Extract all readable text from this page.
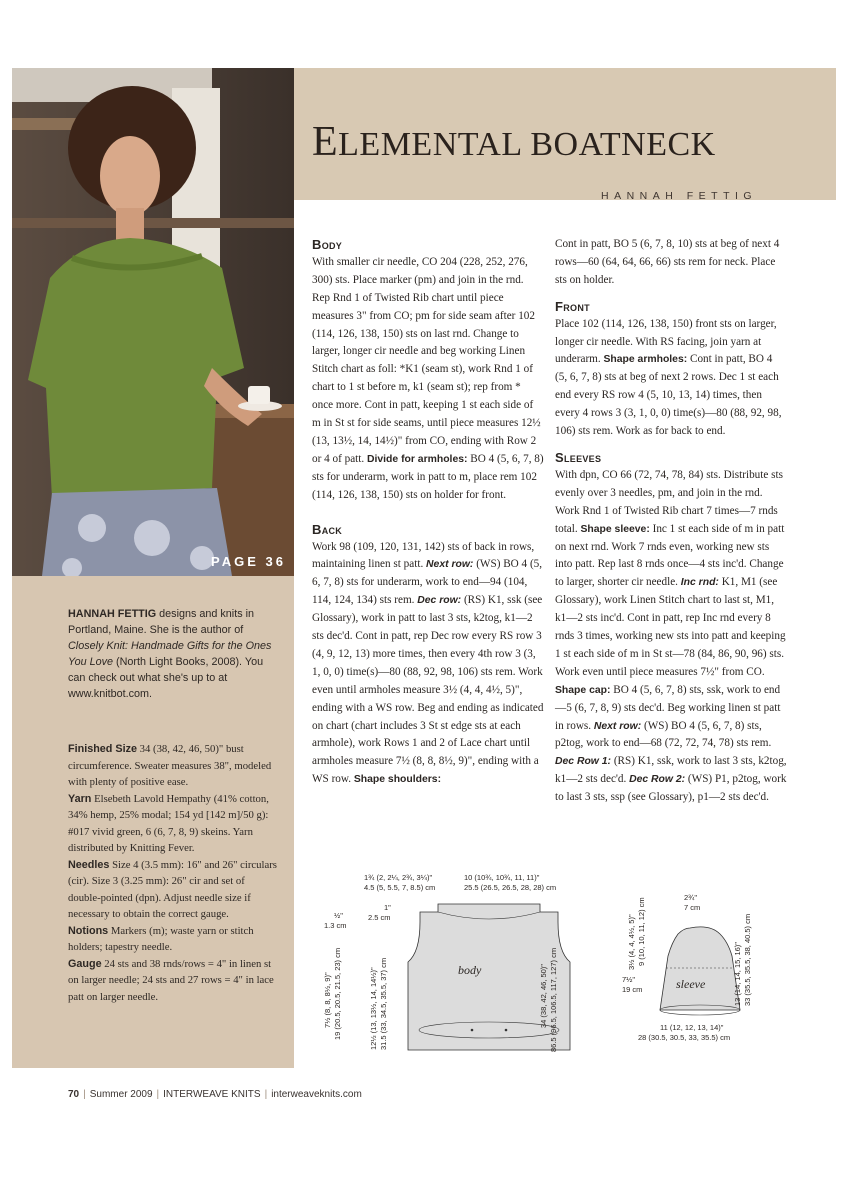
PAGE 36
ELEMENTAL BOATNECK
HANNAH FETTIG
HANNAH FETTIG designs and knits in Portland, Maine. She is the author of Closely Knit: Handmade Gifts for the Ones You Love (North Light Books, 2008). You can check out what she's up to at www.knitbot.com.
Finished Size 34 (38, 42, 46, 50)" bust circumference. Sweater measures 38", modeled with plenty of positive ease.
Yarn Elsebeth Lavold Hempathy (41% cotton, 34% hemp, 25% modal; 154 yd [142 m]/50 g): #017 vivid green, 6 (6, 7, 8, 9) skeins. Yarn distributed by Knitting Fever.
Needles Size 4 (3.5 mm): 16" and 26" circulars (cir). Size 3 (3.25 mm): 26" cir and set of double-pointed (dpn). Adjust needle size if necessary to obtain the correct gauge.
Notions Markers (m); waste yarn or stitch holders; tapestry needle.
Gauge 24 sts and 38 rnds/rows = 4" in linen st on larger needle; 24 sts and 27 rows = 4" in lace patt on larger needle.
Body
With smaller cir needle, CO 204 (228, 252, 276, 300) sts. Place marker (pm) and join in the rnd. Rep Rnd 1 of Twisted Rib chart until piece measures 3" from CO; pm for side seam after 102 (114, 126, 138, 150) sts on last rnd. Change to larger, longer cir needle and beg working Linen Stitch chart as foll: *K1 (seam st), work Rnd 1 of chart to 1 st before m, k1 (seam st); rep from * once more. Cont in patt, keeping 1 st each side of m in St st for side seams, until piece measures 12½ (13, 13½, 14, 14½)" from CO, ending with Row 2 or 4 of patt. Divide for armholes: BO 4 (5, 6, 7, 8) sts for underarm, work in patt to m, place rem 102 (114, 126, 138, 150) sts on holder for front.
Back
Work 98 (109, 120, 131, 142) sts of back in rows, maintaining linen st patt. Next row: (WS) BO 4 (5, 6, 7, 8) sts for underarm, work to end—94 (104, 114, 124, 134) sts rem. Dec row: (RS) K1, ssk (see Glossary), work in patt to last 3 sts, k2tog, k1—2 sts dec'd. Cont in patt, rep Dec row every RS row 3 (4, 9, 12, 13) more times, then every 4th row 3 (3, 1, 0, 0) time(s)—80 (88, 92, 98, 106) sts rem. Work even until armholes measure 3½ (4, 4, 4½, 5)", ending with a WS row. Beg and ending as indicated on chart (chart includes 3 St st edge sts at each armhole), work Rows 1 and 2 of Lace chart until armholes measure 7½ (8, 8, 8½, 9)", ending with a WS row. Shape shoulders:
Cont in patt, BO 5 (6, 7, 8, 10) sts at beg of next 4 rows—60 (64, 64, 66, 66) sts rem for neck. Place sts on holder.
Front
Place 102 (114, 126, 138, 150) front sts on larger, longer cir needle. With RS facing, join yarn at underarm. Shape armholes: Cont in patt, BO 4 (5, 6, 7, 8) sts at beg of next 2 rows. Dec 1 st each end every RS row 4 (5, 10, 13, 14) times, then every 4 rows 3 (3, 1, 0, 0) time(s)—80 (88, 92, 98, 106) sts rem. Work as for back to end.
Sleeves
With dpn, CO 66 (72, 74, 78, 84) sts. Distribute sts evenly over 3 needles, pm, and join in the rnd. Work Rnd 1 of Twisted Rib chart 7 times—7 rnds total. Shape sleeve: Inc 1 st each side of m in patt on next rnd. Work 7 rnds even, working new sts into patt. Rep last 8 rnds once—4 sts inc'd. Change to larger, shorter cir needle. Inc rnd: K1, M1 (see Glossary), work Linen Stitch chart to last st, M1, k1—2 sts inc'd. Cont in patt, rep Inc rnd every 8 rnds 3 times, working new sts into patt and keeping 1 st each side of m in St st—78 (84, 86, 90, 96) sts. Work even until piece measures 7½" from CO. Shape cap: BO 4 (5, 6, 7, 8) sts, ssk, work to end—5 (6, 7, 8, 9) sts dec'd. Beg working linen st patt in rows. Next row: (WS) BO 4 (5, 6, 7, 8) sts, p2tog, work to end—68 (72, 72, 74, 78) sts rem. Dec Row 1: (RS) K1, ssk, work to last 3 sts, k2tog, k1—2 sts dec'd. Dec Row 2: (WS) P1, p2tog, work to last 3 sts, ssp (see Glossary), p1—2 sts dec'd.
body
1¾ (2, 2¼, 2¾, 3¼)"
4.5 (5, 5.5, 7, 8.5) cm
10 (10¾, 10¾, 11, 11)"
25.5 (26.5, 26.5, 28, 28) cm
1"
2.5 cm
½"
1.3 cm
7½ (8, 8, 8½, 9)" 19 (20.5, 20.5, 21.5, 23) cm	12½ (13, 13½, 14, 14½)" 31.5 (33, 34.5, 35.5, 37) cm	34 (38, 42, 46, 50)" 86.5 (96.5, 106.5, 117, 127) cm	sleeve
2¾"
7 cm
3½ (4, 4, 4½, 5)" 9 (10, 10, 11, 12) cm
7½"
19 cm	13 (14, 14, 15, 16)" 33 (35.5, 35.5, 38, 40.5) cm
11 (12, 12, 13, 14)"
28 (30.5, 30.5, 33, 35.5) cm
70 | Summer 2009 | INTERWEAVE KNITS | interweaveknits.com
